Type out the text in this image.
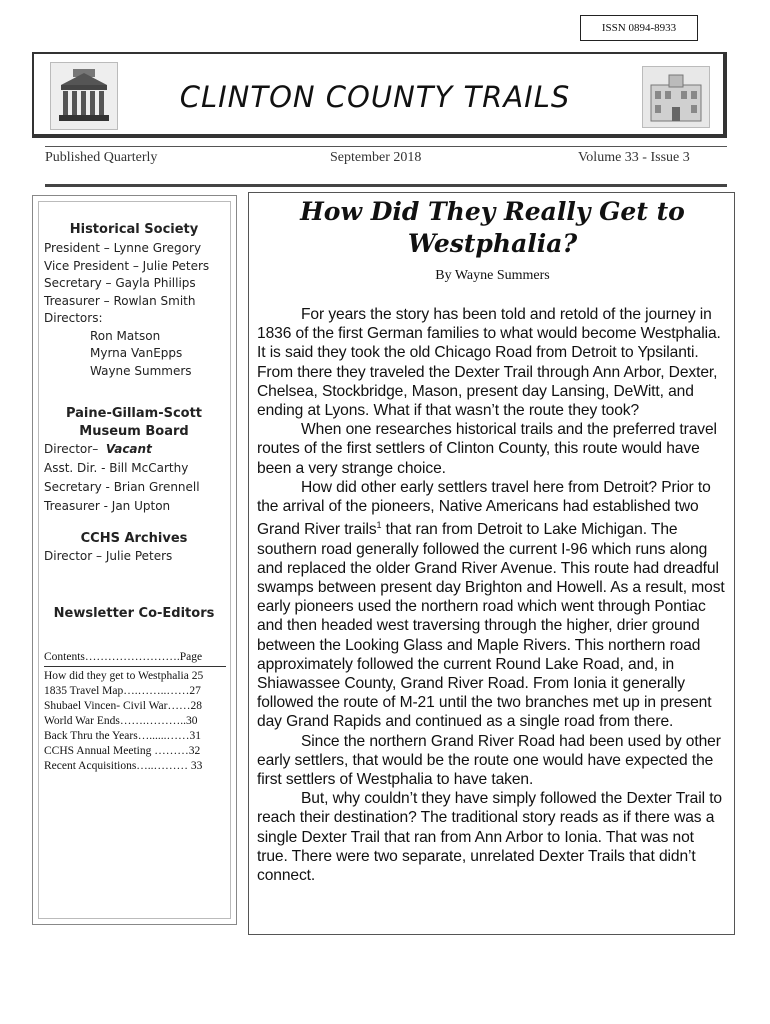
ISSN 0894-8933
CLINTON COUNTY TRAILS
Published Quarterly	September 2018	Volume 33 - Issue 3
Historical Society
President – Lynne Gregory
Vice President – Julie Peters
Secretary – Gayla Phillips
Treasurer – Rowlan Smith
Directors:
Ron Matson
Myrna VanEpps
Wayne Summers
Paine-Gillam-Scott
Museum Board
Director– Vacant
Asst. Dir. - Bill McCarthy
Secretary - Brian Grennell
Treasurer - Jan Upton
CCHS Archives
Director – Julie Peters
Newsletter Co-Editors
Contents…………………….Page
How did they get to Westphalia 25
1835 Travel Map….……..……27
Shubael Vincen- Civil War……28
World War Ends…….………..30
Back Thru the Years…......……31
CCHS Annual Meeting ………32
Recent Acquisitions…..……… 33
How Did They Really Get to
Westphalia?
By Wayne Summers

For years the story has been told and retold of the journey in 1836 of the first German families to what would become Westphalia. It is said they took the old Chicago Road from Detroit to Ypsilanti. From there they traveled the Dexter Trail through Ann Arbor, Dexter, Chelsea, Stockbridge, Mason, present day Lansing, DeWitt, and ending at Lyons. What if that wasn’t the route they took?

When one researches historical trails and the preferred travel routes of the first settlers of Clinton County, this route would have been a very strange choice.

How did other early settlers travel here from Detroit? Prior to the arrival of the pioneers, Native Americans had established two Grand River trails$^1$ that ran from Detroit to Lake Michigan. The southern road generally followed the current I-96 which runs along and replaced the older Grand River Avenue. This route had dreadful swamps between present day Brighton and Howell. As a result, most early pioneers used the northern road which went through Pontiac and then headed west traversing through the higher, drier ground between the Looking Glass and Maple Rivers. This northern road approximately followed the current Round Lake Road, and, in Shiawassee County, Grand River Road. From Ionia it generally followed the route of M-21 until the two branches met up in present day Grand Rapids and continued as a single road from there.

Since the northern Grand River Road had been used by other early settlers, that would be the route one would have expected the first settlers of Westphalia to have taken.

But, why couldn’t they have simply followed the Dexter Trail to reach their destination? The traditional story reads as if there was a single Dexter Trail that ran from Ann Arbor to Ionia. That was not true. There were two separate, unrelated Dexter Trails that didn’t connect.
